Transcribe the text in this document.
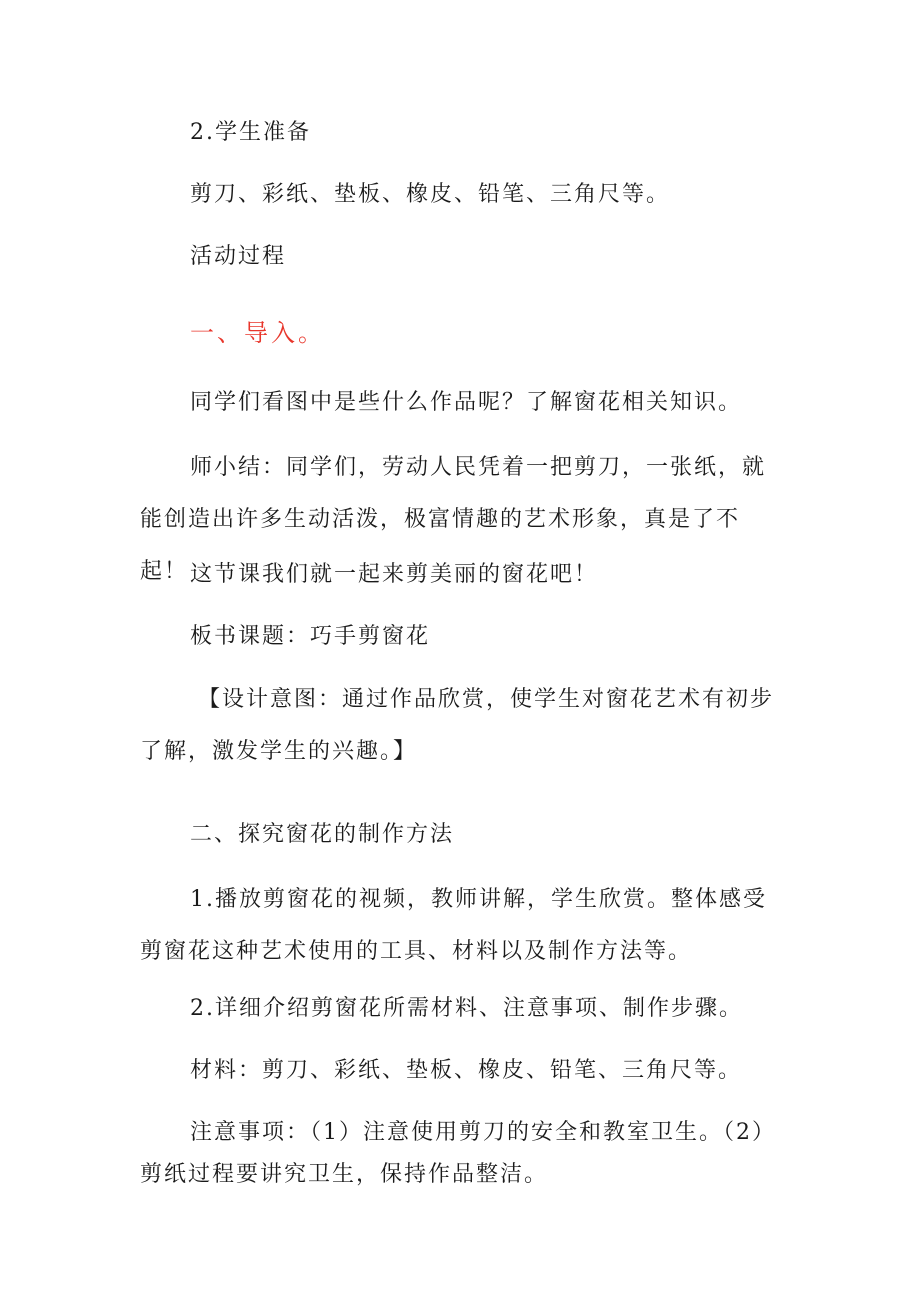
2.学生准备
剪刀、彩纸、垫板、橡皮、铅笔、三角尺等。
活动过程
一、导入。
同学们看图中是些什么作品呢？了解窗花相关知识。
师小结：同学们，劳动人民凭着一把剪刀，一张纸，就能创造出许多生动活泼，极富情趣的艺术形象，真是了不起！ 这节课我们就一起来剪美丽的窗花吧！
板书课题：巧手剪窗花
【设计意图：通过作品欣赏，使学生对窗花艺术有初步了解，激发学生的兴趣。】
二、探究窗花的制作方法
1.播放剪窗花的视频，教师讲解，学生欣赏。整体感受剪窗花这种艺术使用的工具、材料以及制作方法等。
2.详细介绍剪窗花所需材料、注意事项、制作步骤。
材料：剪刀、彩纸、垫板、橡皮、铅笔、三角尺等。
注意事项：（1）注意使用剪刀的安全和教室卫生。（2）剪纸过程要讲究卫生，保持作品整洁。
